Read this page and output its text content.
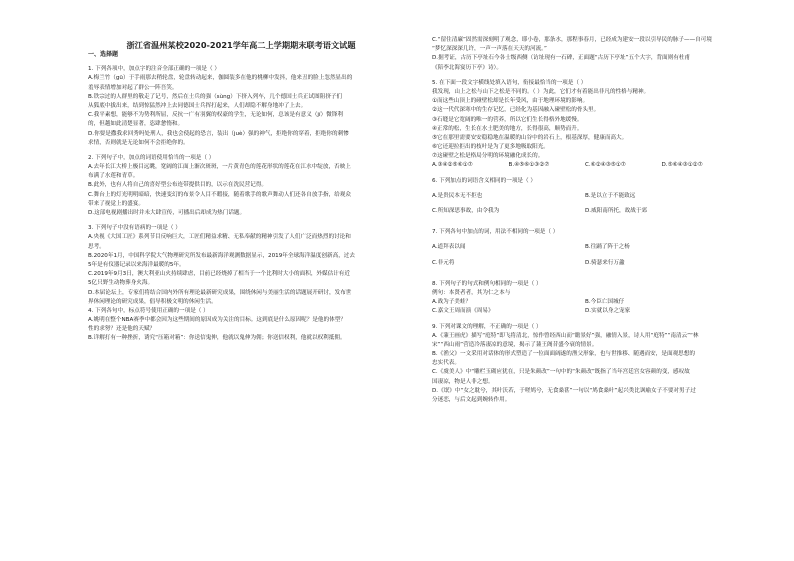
浙江省温州某校2020-2021学年高二上学期期末联考语文试题
一、选择题
1. 下列各项中，加点字的注音全部正确的一项是（ ）
A.梅兰竹（gū）于手雨那去稍轮盘，轮盘转动起来，伽圆装多在他的桃柳中发抖，他来丑的脸上忽然显出的
羞辱表情增加对起了群公一阵吾笑。
B.铁宗过的人群里的敬走了记号，然后在士兵的强（sùng）下挤入列车，几个德国士兵正试图阻挤子们
从狐底中拔出来，结到惊猛然冲上去同德国士兵挥打起来，人们却隐不解身地冲了上去。
C.我平素想，能够不为势利所屈，反抗一广有羽翼的权豪的学生，无论如何，总该是有意义（jí）微锋利
的，但越如此清楚显著，恣肆惫惰和。
D.你要是撒我求回秀吗处刑人，我也会使起的恐言，装出（juè）强的神气，拒绝你的穿着，拒绝你的刺惨
求情，否则就是无论如何不会拒绝你的。
2. 下列句子中，加点的词语使用恰当的一项是（ ）
A.去年长江大桥上极目远眺，宽阔的江面上渐次斑斑，一片黄青色的莲花形状的莲花在江水中绽放，否映上
布满了水莲和青草。
B.此外，也有人将自己的喜好型公布连带提供目的，以示在洗民营记得。
C.舞台上的灯光明明暗暗，快速变幻的布景令人目不暇接，随着歌手的歌声舞动人们还各自放手指，给观众
带来了视觉上的盛宴。
D.这部电视剧播出时并未大肆宣传，可播出后却成为热门话题。
3. 下列句子中没有语病的一项是（ ）
A.央视《大国工匠》系列节目反响巨大，工匠们精益求精、无私奉献的精神引发了人们广泛而热烈的讨论和
思考。
B.2020年1月，中国科学院大气物理研究所发布最新海洋观测数据显示，2019年全球海洋温度创新高，过去
5年是有仪器记录以来海洋最暖的5年。
C.2019年9月3日，澳大利亚山火持续肆虐，目前已经烧掉了相当于一个比利时大小的面积，外媒估计有近
5亿只野生动物葬身火海。
D.本届论坛上，专家们将结合国内外所有理论最新研究成果，围绕休闲与美丽生活的话题展开研讨，发布世
界休闲理论的研究成果，倡导积极文明的休闲生活。
4. 下列各句中，标点符号使用正确的一项是（ ）
A.姚明在整个NBA赛季中都会因为这些期间的原因成为关注的目标。这到底是什么原因呢？是他的体型？
性的求努？还是他的天赋？
B.详解打有一种挫折，诱究“压箱对箱”：你送信鬼伸，他就以鬼伸为佣；你送信权利，他就以权利抵佣。
C.“留住清廉”固然需深刻明了观念，耶小卷，那条水，那程事春月，已经成为建安一段以引导民的脉子——自可境
“梦忆深深深几许，一声一声落在天天的河流。”
D.据考证，古历下亭址石今各士级西侧（访址现有一石碑，正面题“古历下亭址”五个大字，背面则有杜甫
《陪李北海宴历下亭》诗）。
5. 在下面一段文字横线处填入语句，衔接最恰当的一项是（ ）
我发现，山上之松与山下之松是不同的。（ ）为此，它们才有着能出非凡的性格与精神。
①而这些山顶上的碰壁松却是长年受风，由于地理环境的影响。
②这一代代深寒中的生存记忆，已经化为基因融入碰壁松的骨头里。
③石缝是它宽阔的唯一的营养，所以它们生长得格外地缓慢。
④正常的松，生长在水土肥美的地方，长得很高，顺势而升。
⑤它在那里需要安安稳稳地在温暖的山谷中的岩石上，根基深厚，健康而高大。
⑥它还迎拉拒出的枝叶是为了更多地吸取阳光。
⑦这碰壁之松是格局分明的环境融化成长的。
A.③④②⑤⑥①⑦	B.④⑤⑥①③②⑦	C.⑥②④③⑤①⑦	D.⑤⑥④③①②⑦
6. 下列加点的词语含义相同的一项是（ ）
A.是贵民本无不拒也	B.是以立于不能致远
C.所知深思事故，由令我为	D.威阳南所托，故战于郊
7. 下列各句中加点的词，用法不相同的一项是（ ）
A.道拜表以闻	B.往踊了阵于之杨
C.非元将	D.骑瑟来行万蠡
8. 下列句子的句式和例句相同的一项是（ ）
例句：本贤者者，其为仁之本与
A.战为子美蛙？	B.今臣亡国城仔
C.嘉文王周而演《周易》	D.实就以身之宠家
9. 下列对课文的理解，不正确的一项是（ ）
A.《蒹王画虎》描写“庭特”即飞将清北，惊作曾经西山而“瞻景好”强，融情入景，诗人用“庭特”“南清云”“林
宋”“西山雨”营造冷落凄凉的意境，揭示了蒹王阁昔盛今衰的情景。
B.《渔父》一文采用对话体的形式塑造了一位面面阔遂的渔父形象，也与世推移、随遇而安，是面观思想的
忠实代表。
C.《虞美人》中“雕栏玉砌应犹在，只是朱颜改”一句中的“朱颜改”既指了当年宫廷宫女容颜的变，感叹故
国凄凉，物是人非之想。
D.《氓》中“女之耽兮，其叶沃若，于嗟鸠兮，无食桑葚”一句以“鸠食桑叶”起兴类比讽喻女子不要对男子过
分迷恋，与后文起到婉转作用。
